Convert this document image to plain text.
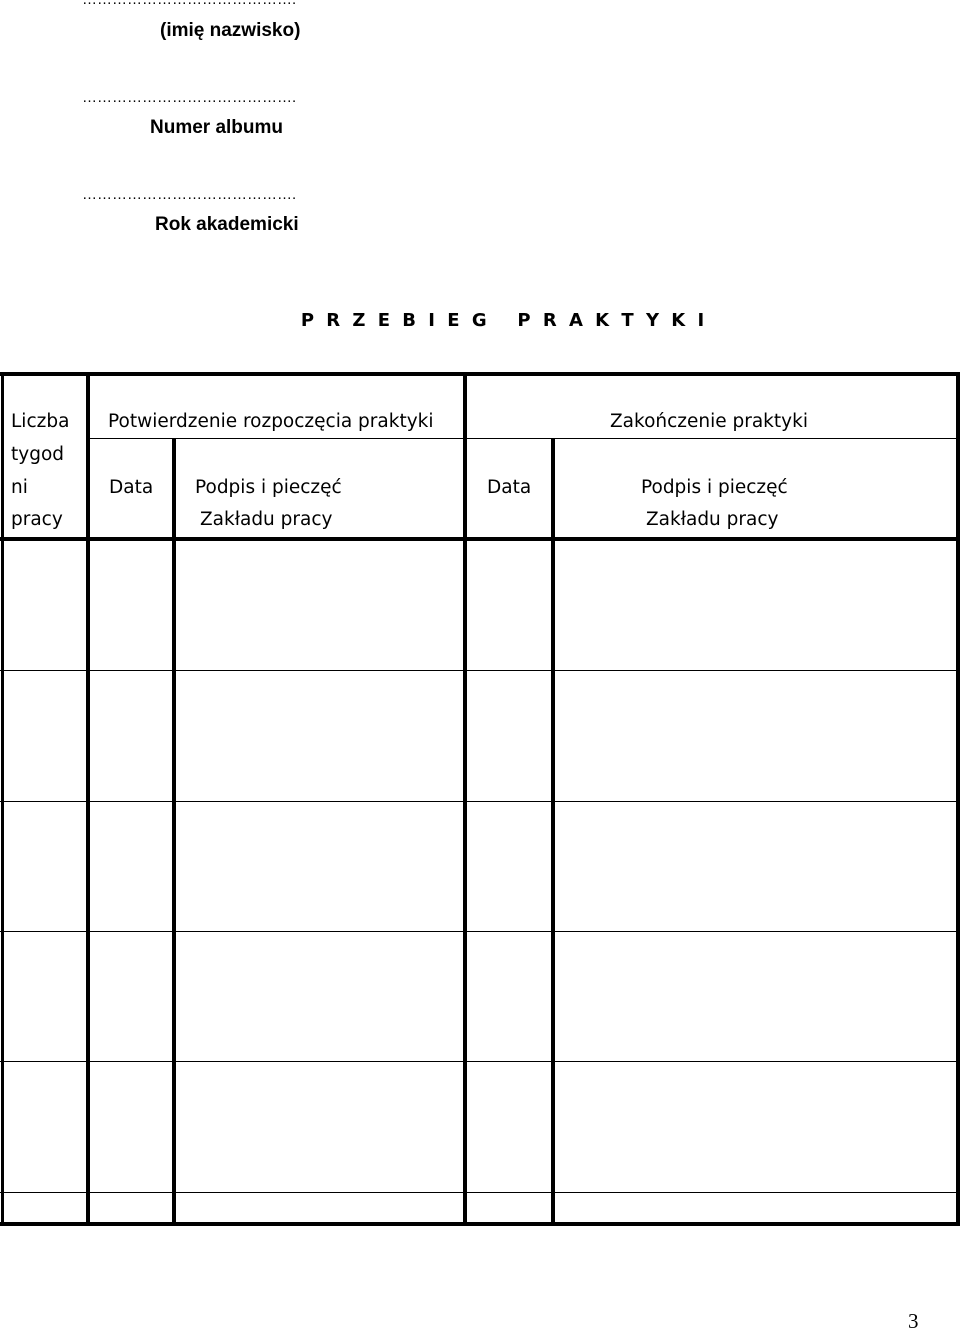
(imię nazwisko)
…………………………………….
Numer albumu
…………………………………….
Rok akademicki
P R Z E B I E G   P R A K T Y K I
Liczba
tygod
ni
pracy
Potwierdzenie rozpoczęcia praktyki	Zakończenie praktyki
Data Podpis i pieczęć
Zakładu pracy
Data	Podpis i pieczęć
Zakładu pracy
3
